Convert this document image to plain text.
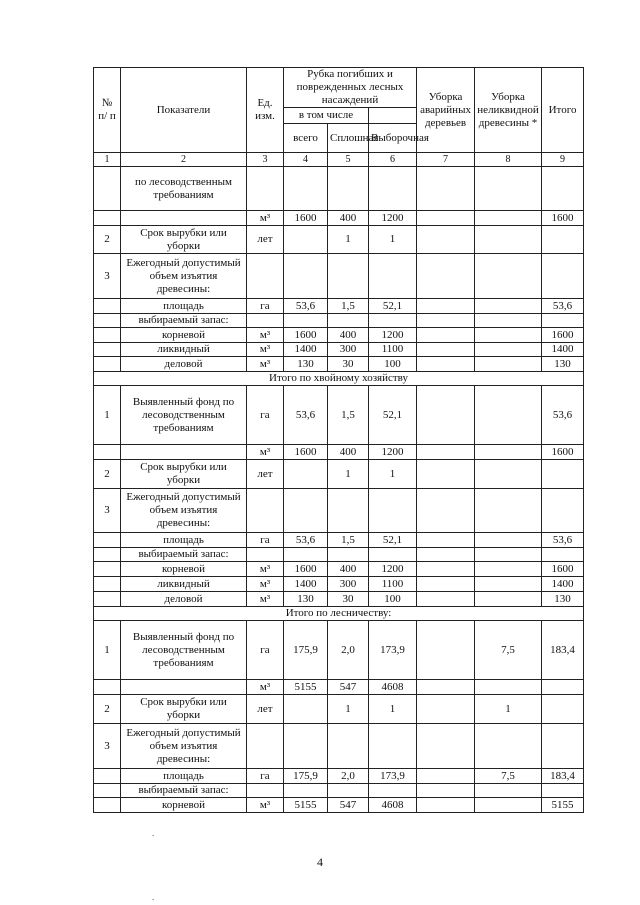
№ п/ п	Показатели	Ед. изм.	Рубка погибших и поврежденных лесных насаждений			Уборка аварийных деревьев	Уборка неликвидной древесины *	Итого
			в том числе					
			всего	Сплошная	Выборочная			
1	2	3	4	5	6	7	8	9
	по лесоводственным требованиям							
		м³	1600	400	1200			1600
2	Срок вырубки или уборки	лет		1	1			
3	Ежегодный допустимый объем изъятия древесины:							
	площадь	га	53,6	1,5	52,1			53,6
	выбираемый запас:							
	корневой	м³	1600	400	1200			1600
	ликвидный	м³	1400	300	1100			1400
	деловой	м³	130	30	100			130
Итого по хвойному хозяйству								
1	Выявленный фонд по лесоводственным требованиям	га	53,6	1,5	52,1			53,6
		м³	1600	400	1200			1600
2	Срок вырубки или уборки	лет		1	1			
3	Ежегодный допустимый объем изъятия древесины:							
	площадь	га	53,6	1,5	52,1			53,6
	выбираемый запас:							
	корневой	м³	1600	400	1200			1600
	ликвидный	м³	1400	300	1100			1400
	деловой	м³	130	30	100			130
Итого по лесничеству:								
1	Выявленный фонд по лесоводственным требованиям	га	175,9	2,0	173,9		7,5	183,4
		м³	5155	547	4608			
2	Срок вырубки или уборки	лет		1	1		1	
3	Ежегодный допустимый объем изъятия древесины:							
	площадь	га	175,9	2,0	173,9		7,5	183,4
	выбираемый запас:							
	корневой	м³	5155	547	4608			5155
4
.
.
